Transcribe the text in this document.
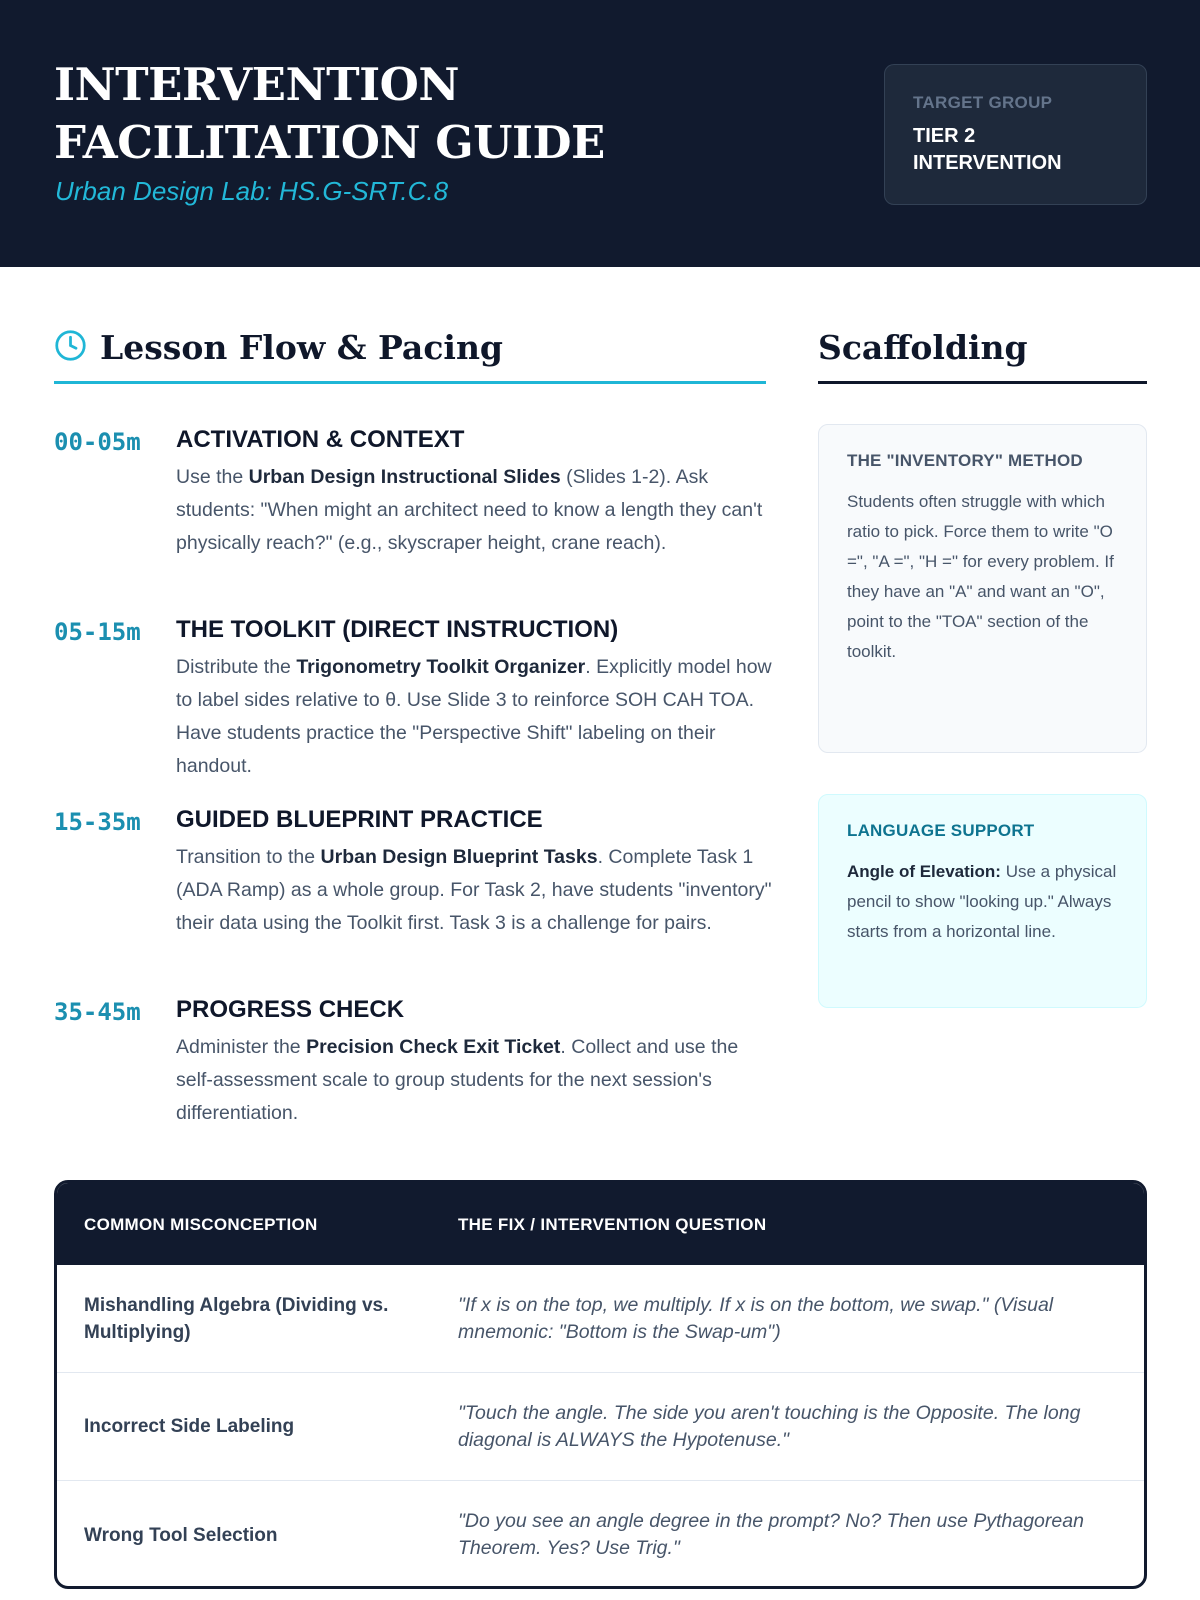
INTERVENTION FACILITATION GUIDE
Urban Design Lab: HS.G-SRT.C.8
TARGET GROUP
TIER 2 INTERVENTION
Lesson Flow & Pacing	Scaffolding
00-05m ACTIVATION & CONTEXT
Use the Urban Design Instructional Slides (Slides 1-2). Ask students: "When might an architect need to know a length they can't physically reach?" (e.g., skyscraper height, crane reach).
05-15m THE TOOLKIT (DIRECT INSTRUCTION)
Distribute the Trigonometry Toolkit Organizer. Explicitly model how to label sides relative to θ. Use Slide 3 to reinforce SOH CAH TOA. Have students practice the "Perspective Shift" labeling on their handout.
15-35m GUIDED BLUEPRINT PRACTICE
Transition to the Urban Design Blueprint Tasks. Complete Task 1 (ADA Ramp) as a whole group. For Task 2, have students "inventory" their data using the Toolkit first. Task 3 is a challenge for pairs.
35-45m PROGRESS CHECK
Administer the Precision Check Exit Ticket. Collect and use the self-assessment scale to group students for the next session's differentiation.
THE "INVENTORY" METHOD
Students often struggle with which ratio to pick. Force them to write "O =", "A =", "H =" for every problem. If they have an "A" and want an "O", point to the "TOA" section of the toolkit.
LANGUAGE SUPPORT
Angle of Elevation: Use a physical pencil to show "looking up." Always starts from a horizontal line.
COMMON MISCONCEPTION	THE FIX / INTERVENTION QUESTION
Mishandling Algebra (Dividing vs. Multiplying)
"If x is on the top, we multiply. If x is on the bottom, we swap." (Visual mnemonic: "Bottom is the Swap-um")
Incorrect Side Labeling
"Touch the angle. The side you aren't touching is the Opposite. The long diagonal is ALWAYS the Hypotenuse."
Wrong Tool Selection
"Do you see an angle degree in the prompt? No? Then use Pythagorean Theorem. Yes? Use Trig."
